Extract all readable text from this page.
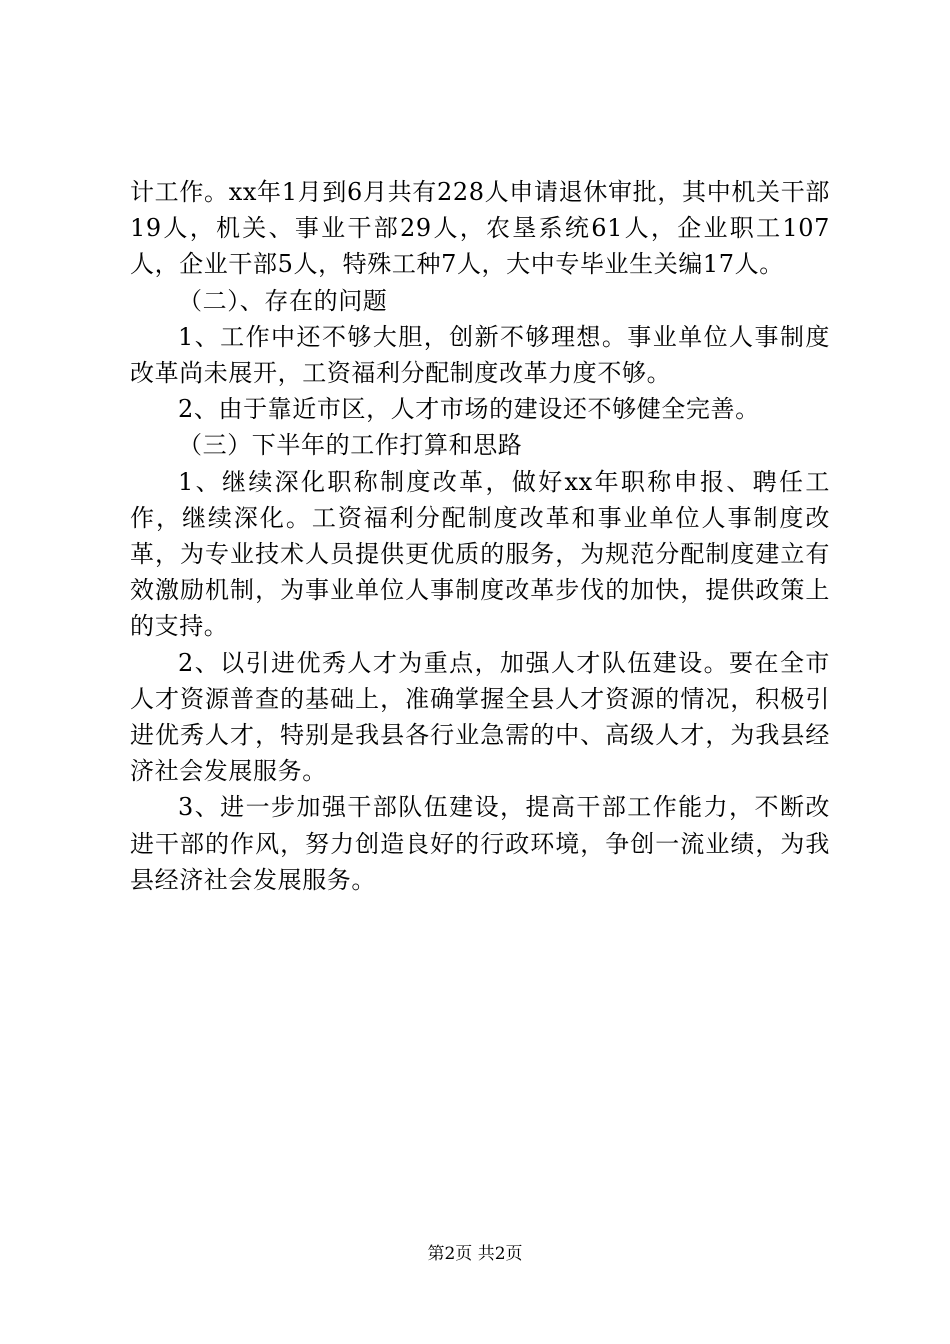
计工作。xx年1月到6月共有228人申请退休审批，其中机关干部19人，机关、事业干部29人，农垦系统61人，企业职工107人，企业干部5人，特殊工种7人，大中专毕业生关编17人。

（二）、存在的问题

1、工作中还不够大胆，创新不够理想。事业单位人事制度改革尚未展开，工资福利分配制度改革力度不够。

2、由于靠近市区，人才市场的建设还不够健全完善。

（三）下半年的工作打算和思路

1、继续深化职称制度改革，做好xx年职称申报、聘任工作，继续深化。工资福利分配制度改革和事业单位人事制度改革，为专业技术人员提供更优质的服务，为规范分配制度建立有效激励机制，为事业单位人事制度改革步伐的加快，提供政策上的支持。

2、以引进优秀人才为重点，加强人才队伍建设。要在全市人才资源普查的基础上，准确掌握全县人才资源的情况，积极引进优秀人才，特别是我县各行业急需的中、高级人才，为我县经济社会发展服务。

3、进一步加强干部队伍建设，提高干部工作能力，不断改进干部的作风，努力创造良好的行政环境，争创一流业绩，为我县经济社会发展服务。

第2页 共2页
